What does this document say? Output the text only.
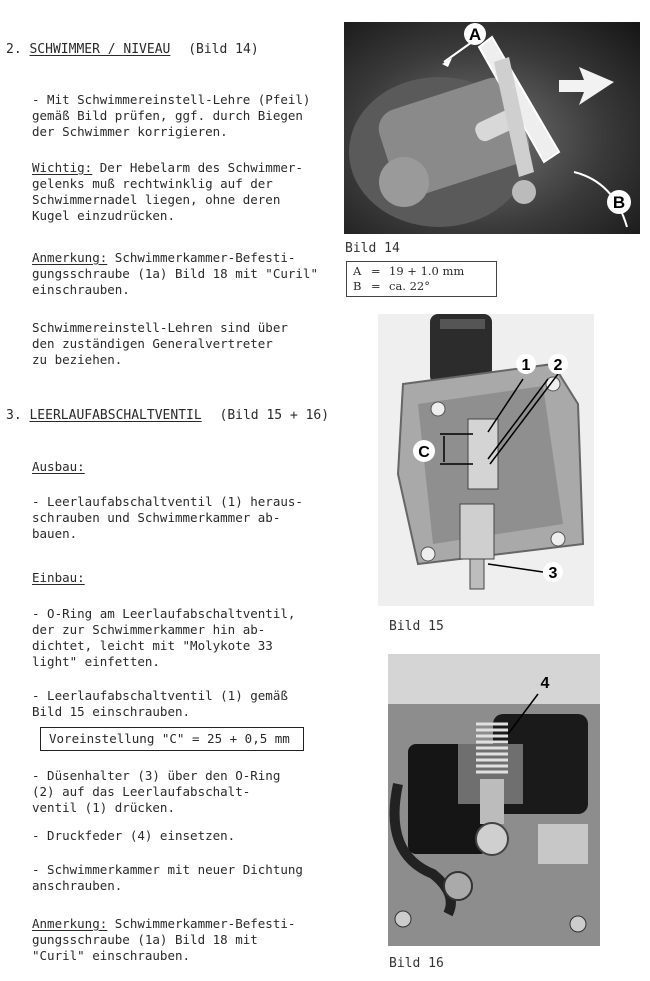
2. SCHWIMMER / NIVEAU (Bild 14)
- Mit Schwimmereinstell-Lehre (Pfeil)
gemäß Bild prüfen, ggf. durch Biegen
der Schwimmer korrigieren.
Wichtig: Der Hebelarm des Schwimmer-
gelenks muß rechtwinklig auf der
Schwimmernadel liegen, ohne deren
Kugel einzudrücken.
Anmerkung: Schwimmerkammer-Befesti-
gungsschraube (1a) Bild 18 mit "Curil"
einschrauben.
Schwimmereinstell-Lehren sind über
den zuständigen Generalvertreter
zu beziehen.
3. LEERLAUFABSCHALTVENTIL (Bild 15 + 16)
Ausbau:
- Leerlaufabschaltventil (1) heraus-
schrauben und Schwimmerkammer ab-
bauen.
Einbau:
- O-Ring am Leerlaufabschaltventil,
der zur Schwimmerkammer hin ab-
dichtet, leicht mit "Molykote 33
light" einfetten.
- Leerlaufabschaltventil (1) gemäß
Bild 15 einschrauben.
Voreinstellung "C" = 25 + 0,5 mm
- Düsenhalter (3) über den O-Ring
(2) auf das Leerlaufabschalt-
ventil (1) drücken.
- Druckfeder (4) einsetzen.
- Schwimmerkammer mit neuer Dichtung
anschrauben.
Anmerkung: Schwimmerkammer-Befesti-
gungsschraube (1a) Bild 18 mit
"Curil" einschrauben.
A
B
056A
Bild 14
A = 19 + 1.0 mm
B = ca. 22°
1 2
3
C
Bild 15
4
Bild 16
